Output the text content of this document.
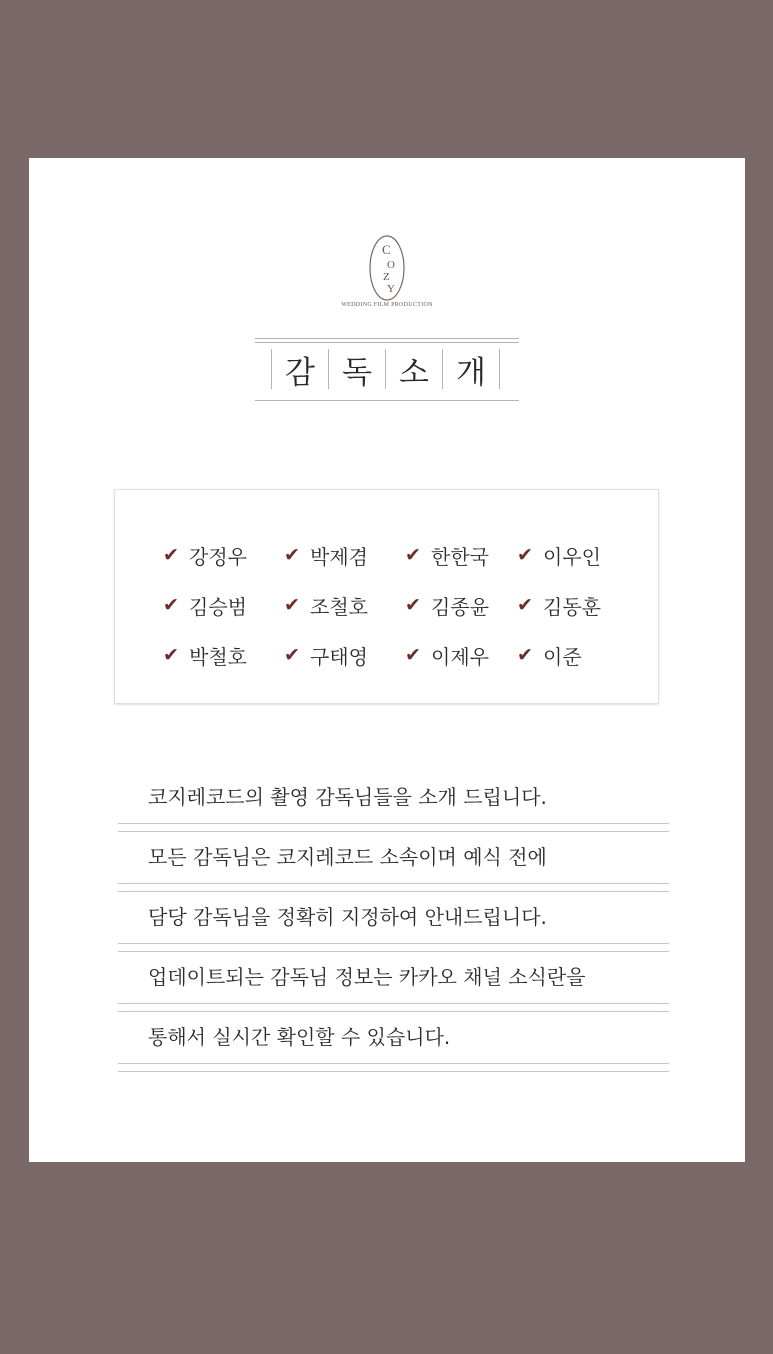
C
O
Z
Y
WEDDING FILM PRODUCTION
감 독 소 개
✔ 강정우 ✔ 박제겸 ✔ 한한국 ✔ 이우인
✔ 김승범 ✔ 조철호 ✔ 김종윤 ✔ 김동훈
✔ 박철호 ✔ 구태영 ✔ 이제우 ✔ 이준
코지레코드의 촬영 감독님들을 소개 드립니다.
모든 감독님은 코지레코드 소속이며 예식 전에
담당 감독님을 정확히 지정하여 안내드립니다.
업데이트되는 감독님 정보는 카카오 채널 소식란을
통해서 실시간 확인할 수 있습니다.
